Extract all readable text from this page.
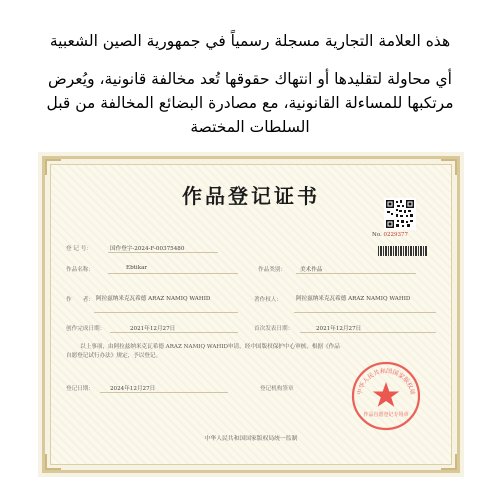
هذه العلامة التجارية مسجلة رسمياً في جمهورية الصين الشعبية
أي محاولة لتقليدها أو انتهاك حقوقها تُعد مخالفة قانونية، ويُعرض
مرتكبها للمساءلة القانونية، مع مصادرة البضائع المخالفة من قبل
السلطات المختصة
作品登记证书
No. 0229377
登 记 号：	国作登字-2024-F-00375480
作品名称：	Ebtikar	作品类别：	美术作品
作　　者： 阿拉兹纳米克瓦希德 ARAZ NAMIQ WAHID	著作权人：	阿拉兹纳米克瓦希德 ARAZ NAMIQ WAHID
创作完成日期：	2021年12月27日	首次发表日期：	2021年12月27日
以上事项，由阿拉兹纳米克瓦希德 ARAZ NAMIQ WAHID申请，经中国版权保护中心审核，根据《作品
自愿登记试行办法》规定，予以登记。
登记日期：	2024年12月27日	登记机构签章	中华人民共和国国家版权局
作品自愿登记专用章
中华人民共和国国家版权局统一监制
